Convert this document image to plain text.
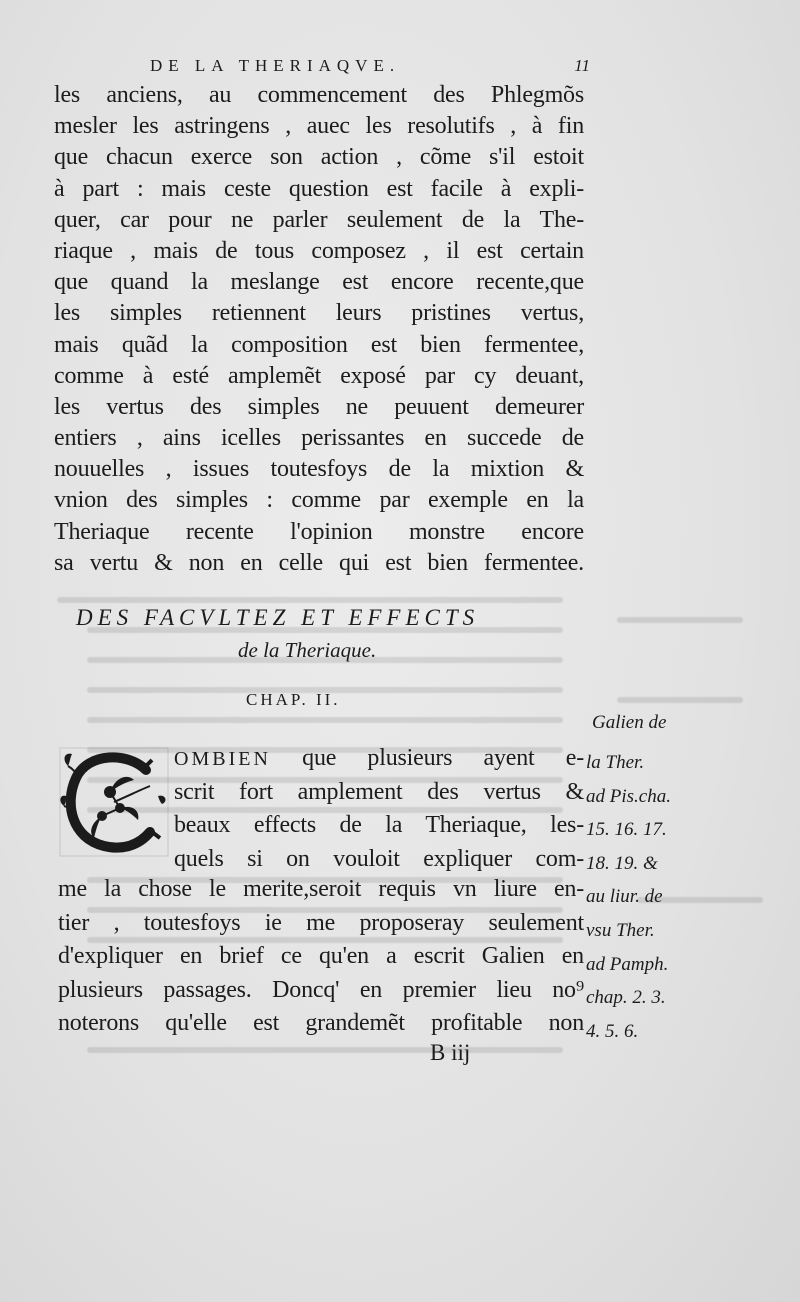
DE LA THERIAQVE.	11
les anciens, au commencement des Phlegmõs
mesler les astringens , auec les resolutifs , à fin
que chacun exerce son action , cõme s'il estoit
à part : mais ceste question est facile à expli-
quer, car pour ne parler seulement de la The-
riaque , mais de tous composez , il est certain
que quand la meslange est encore recente,que
les simples retiennent leurs pristines vertus,
mais quãd la composition est bien fermentee,
comme à esté amplemẽt exposé par cy deuant,
les vertus des simples ne peuuent demeurer
entiers , ains icelles perissantes en succede de
nouuelles , issues toutesfoys de la mixtion &
vnion des simples : comme par exemple en la
Theriaque recente l'opinion monstre encore
sa vertu & non en celle qui est bien fermentee.
DES FACVLTEZ ET EFFECTS
de la Theriaque.
CHAP. II.
OMBIEN que plusieurs ayent e-
scrit fort amplement des vertus &
beaux effects de la Theriaque, les-
quels si on vouloit expliquer com-
me la chose le merite,seroit requis vn liure en-
tier , toutesfoys ie me proposeray seulement
d'expliquer en brief ce qu'en a escrit Galien en
plusieurs passages. Doncq' en premier lieu no⁹
noterons qu'elle est grandemẽt profitable non
Galien de
la Ther.
ad Pis.cha.
15. 16. 17.
18. 19. &
au liur. de
vsu Ther.
ad Pamph.
chap. 2. 3.
4. 5. 6.
B iij
